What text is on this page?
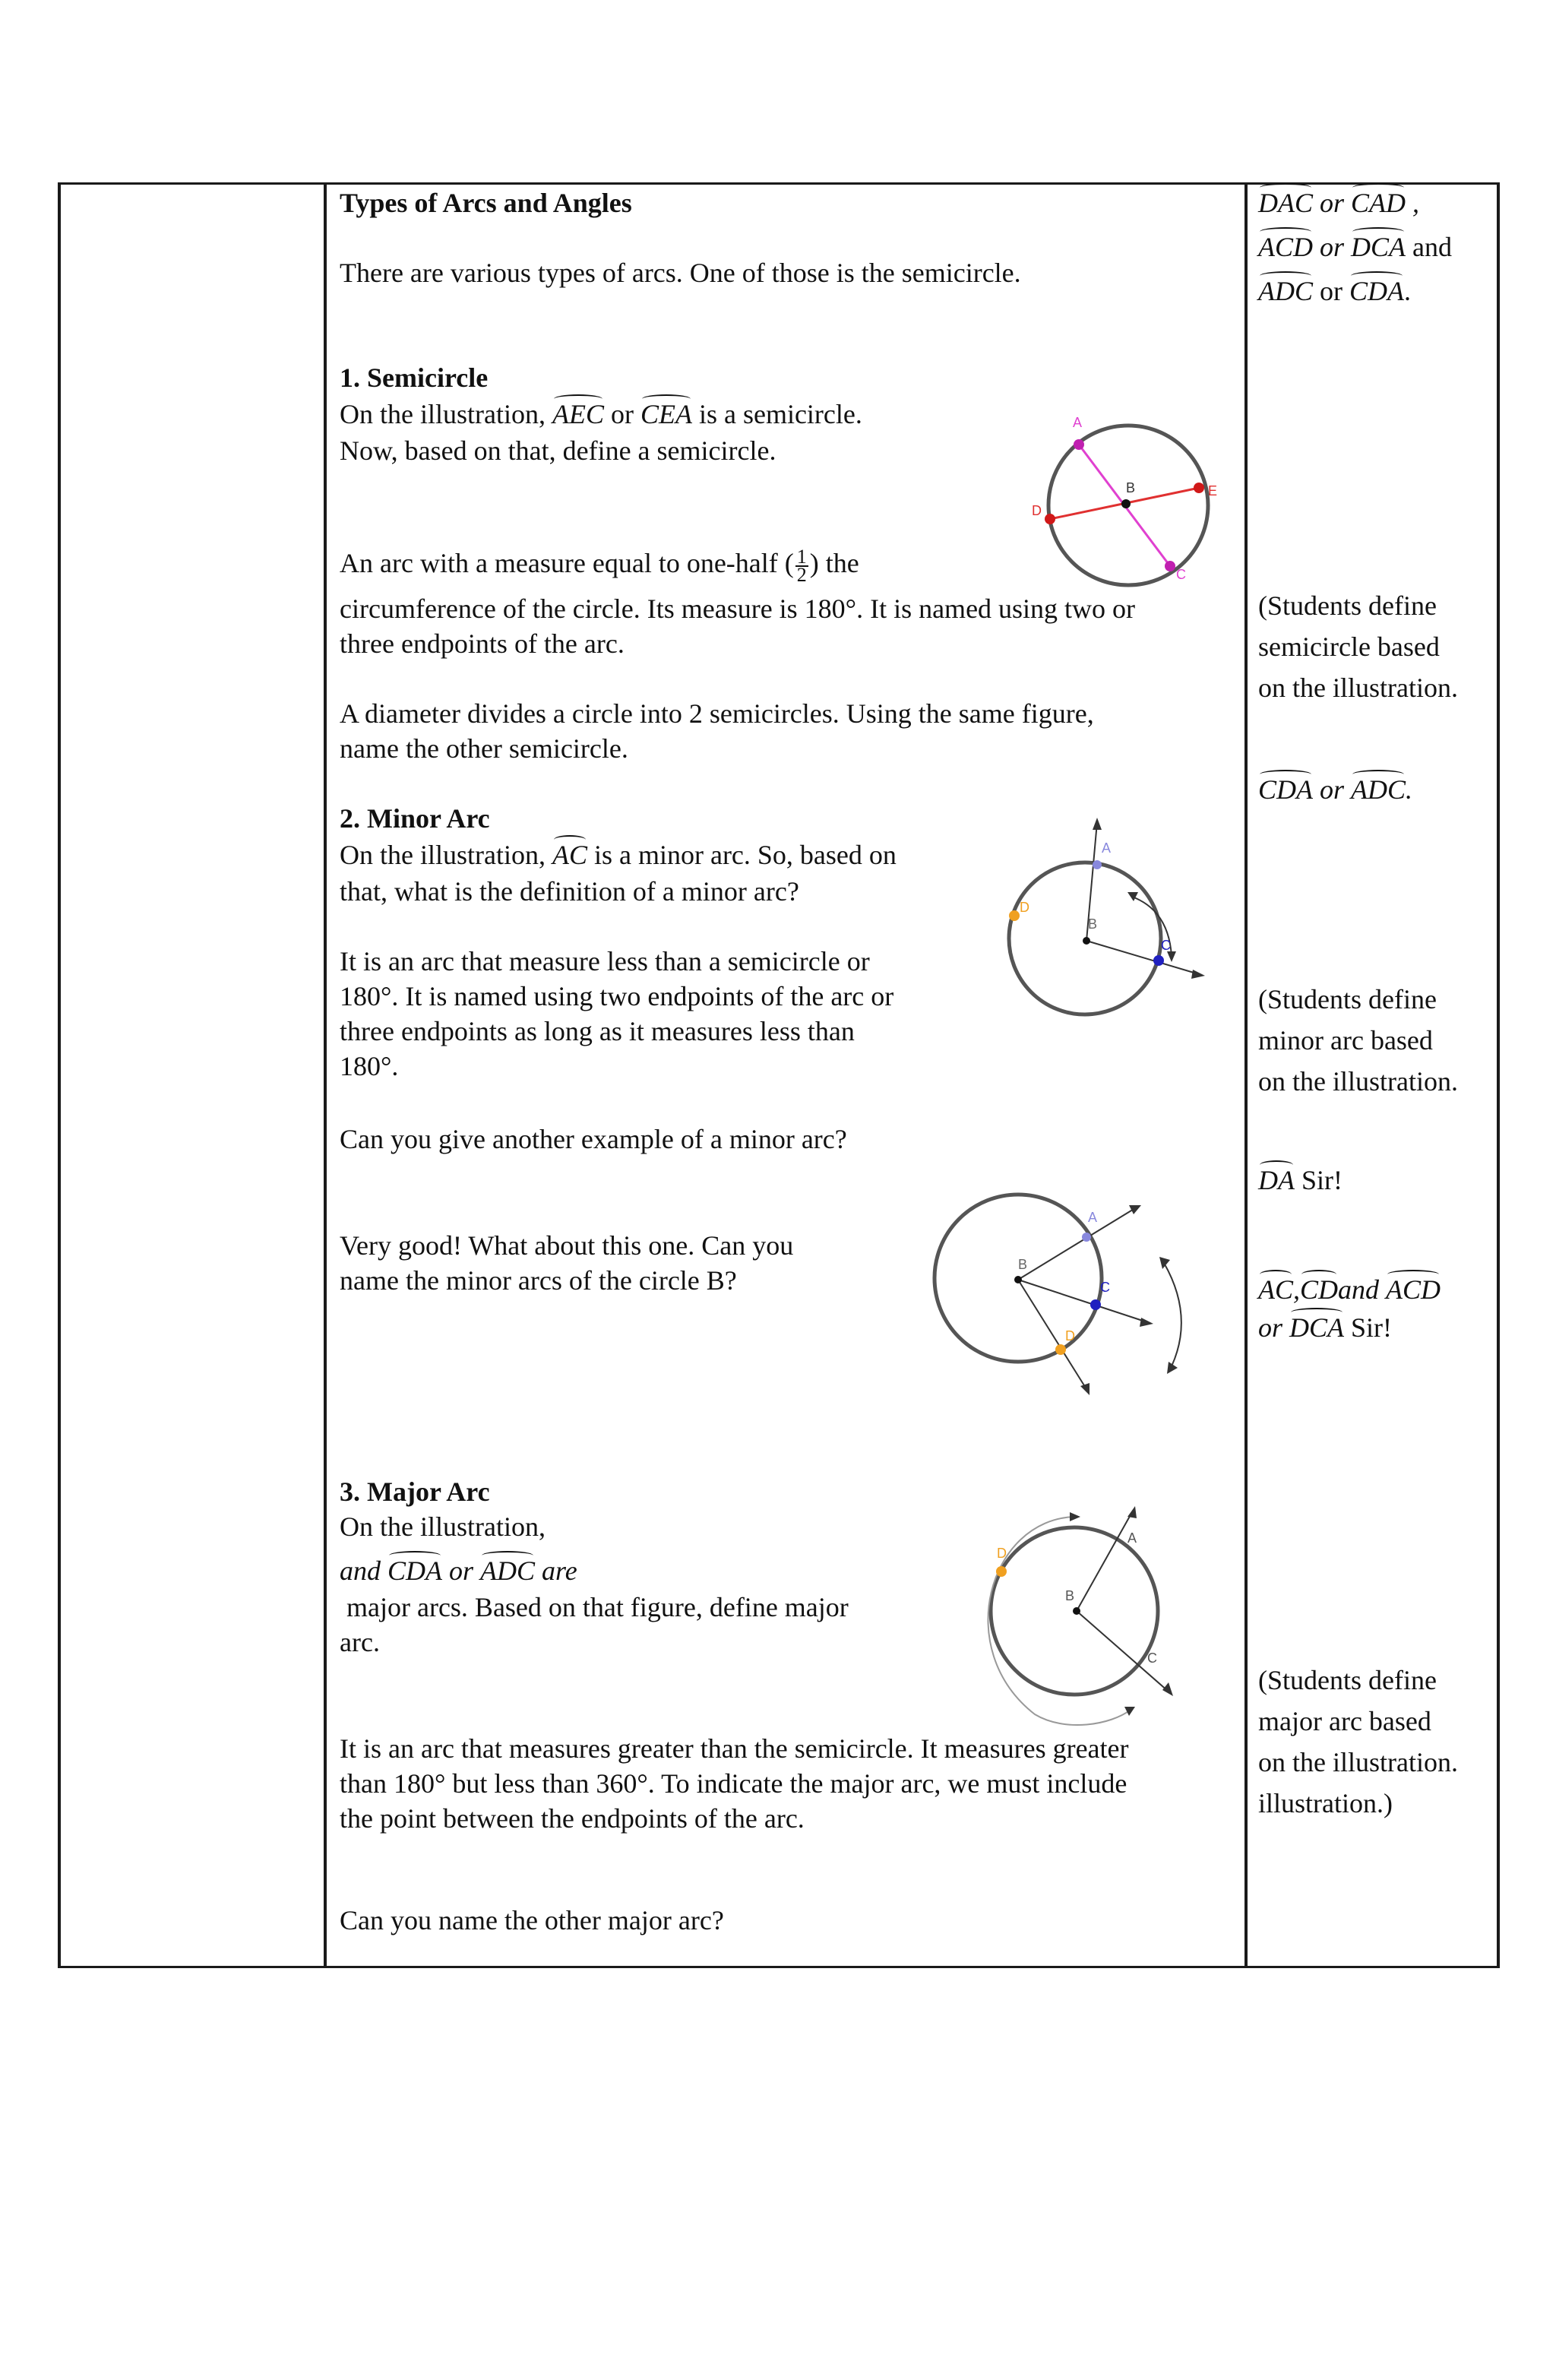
Types of Arcs and Angles
There are various types of arcs. One of those is the semicircle.
1. Semicircle
On the illustration, AEC or CEA is a semicircle.
Now, based on that, define a semicircle.
An arc with a measure equal to one-half ( $\frac{1}{2}$ ) the
circumference of the circle. Its measure is 180°. It is named using two or
three endpoints of the arc.
A diameter divides a circle into 2 semicircles. Using the same figure,
name the other semicircle.
2. Minor Arc
On the illustration, AC is a minor arc. So, based on
that, what is the definition of a minor arc?
It is an arc that measure less than a semicircle or
180°. It is named using two endpoints of the arc or
three endpoints as long as it measures less than
180°.
Can you give another example of a minor arc?
Very good! What about this one. Can you
name the minor arcs of the circle B?
3. Major Arc
On the illustration,
and CDA or ADC are
major arcs. Based on that figure, define major
arc.
It is an arc that measures greater than the semicircle. It measures greater
than 180° but less than 360°. To indicate the major arc, we must include
the point between the endpoints of the arc.
Can you name the other major arc?
DAC or CAD ,
ACD or DCA and
ADC or CDA.
(Students define
semicircle based
on the illustration.
CDA or ADC.
(Students define
minor arc based
on the illustration.
DA Sir!
AC,CDand ACD
or DCA Sir!
(Students define
major arc based
on the illustration.
illustration.)
A
B
D
E
C
A
B
D
C
A
B
C
D
A
B
D
C
